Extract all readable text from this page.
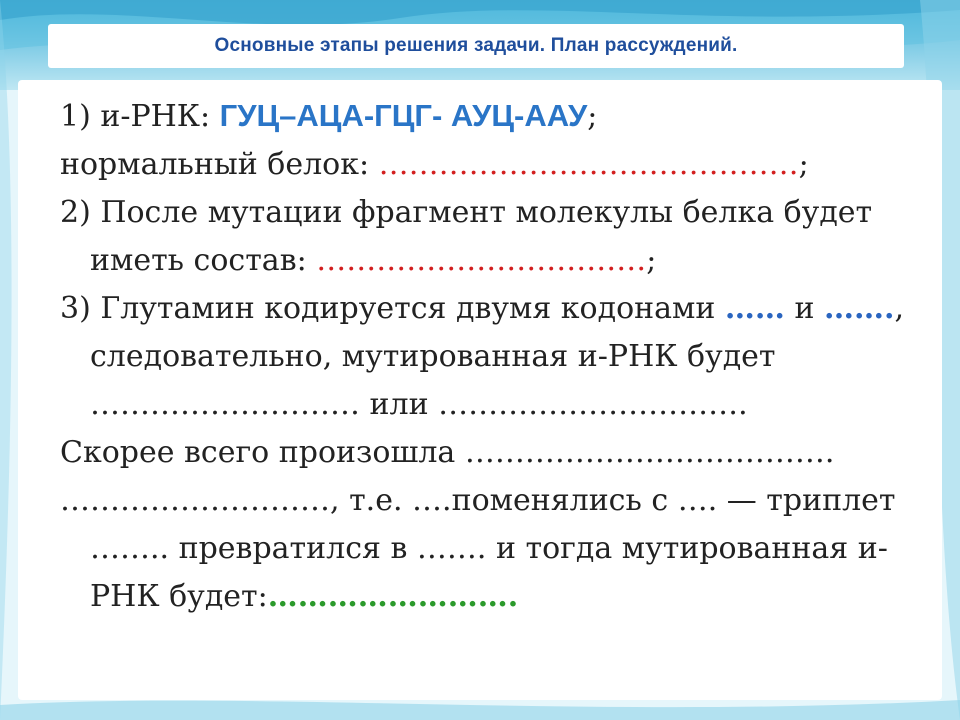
Основные этапы решения задачи. План рассуждений.

1) и-РНК: ГУЦ–АЦА-ГЦГ- АУЦ-ААУ;

нормальный белок: ……………………………………;

2) После мутации фрагмент молекулы белка будет иметь состав: ……………………………;

3) Глутамин кодируется двумя кодонами …… и ……., следовательно, мутированная и-РНК будет ……………………… или ………………………….

Скорее всего произошла ……………………………….

………………………, т.е. ….поменялись с …. — триплет …….. превратился в ……. и тогда мутированная и-РНК будет:…………………….
